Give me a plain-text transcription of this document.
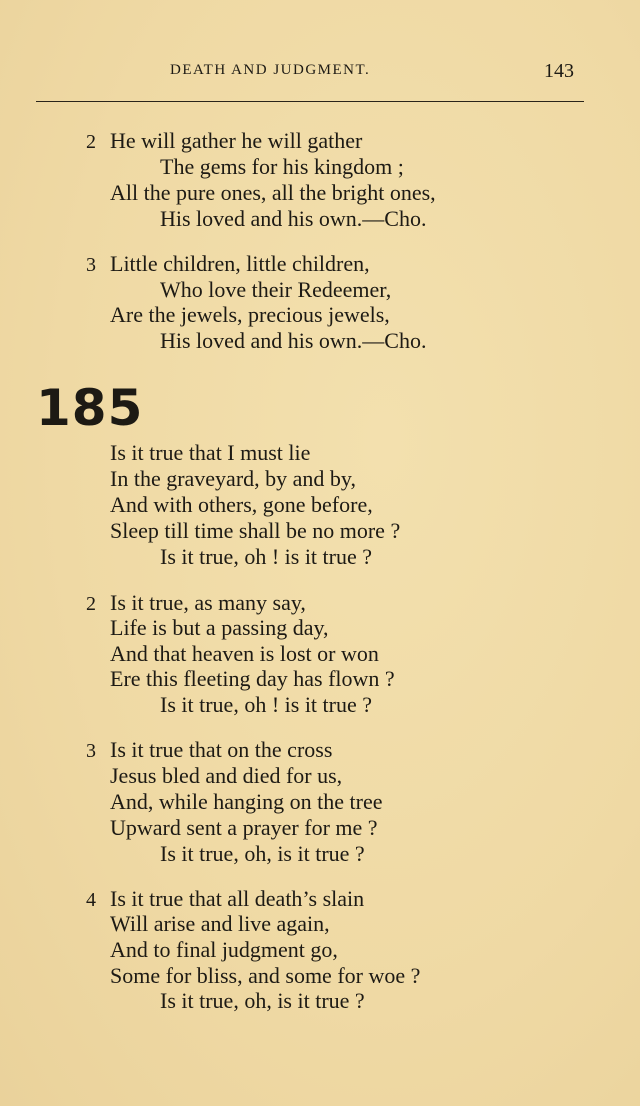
DEATH AND JUDGMENT.	143
2 He will gather he will gather
The gems for his kingdom ;
All the pure ones, all the bright ones,
His loved and his own.—Cho.
3 Little children, little children,
Who love their Redeemer,
Are the jewels, precious jewels,
His loved and his own.—Cho.
185
Is it true that I must lie
In the graveyard, by and by,
And with others, gone before,
Sleep till time shall be no more ?
Is it true, oh ! is it true ?
2 Is it true, as many say,
Life is but a passing day,
And that heaven is lost or won
Ere this fleeting day has flown ?
Is it true, oh ! is it true ?
3 Is it true that on the cross
Jesus bled and died for us,
And, while hanging on the tree
Upward sent a prayer for me ?
Is it true, oh, is it true ?
4 Is it true that all death’s slain
Will arise and live again,
And to final judgment go,
Some for bliss, and some for woe ?
Is it true, oh, is it true ?
